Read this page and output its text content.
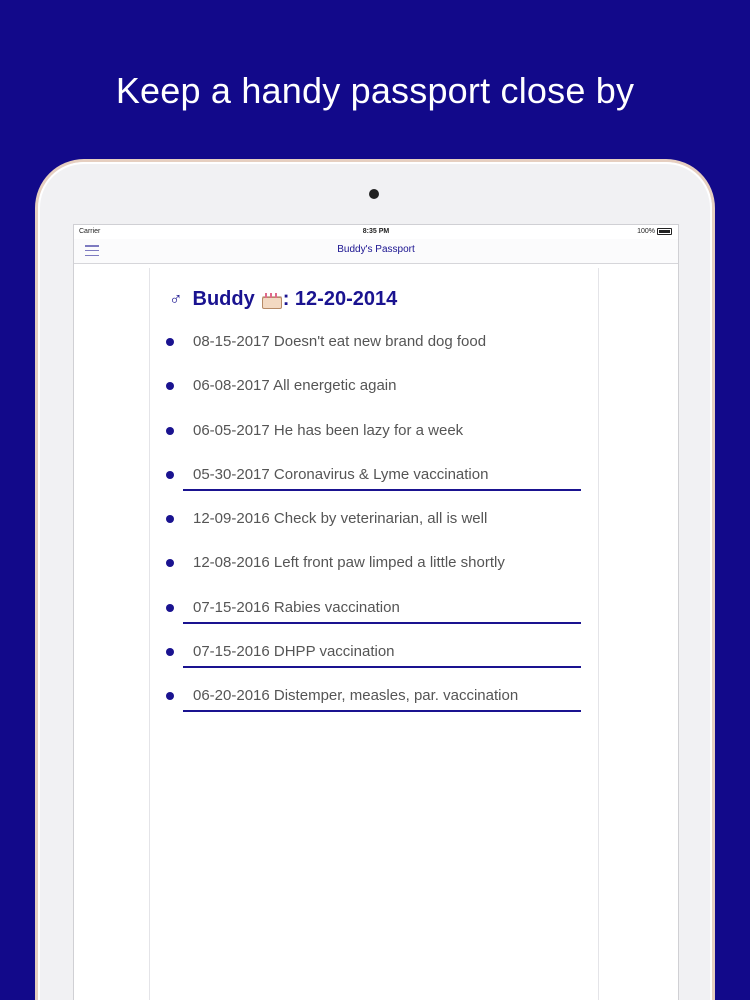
Keep a handy passport close by
Carrier	8:35 PM	100%
Buddy's Passport
♂ Buddy : 12-20-2014
08-15-2017 Doesn't eat new brand dog food
06-08-2017 All energetic again
06-05-2017 He has been lazy for a week
05-30-2017 Coronavirus & Lyme vaccination
12-09-2016 Check by veterinarian, all is well
12-08-2016 Left front paw limped a little shortly
07-15-2016 Rabies vaccination
07-15-2016 DHPP vaccination
06-20-2016 Distemper, measles, par. vaccination
